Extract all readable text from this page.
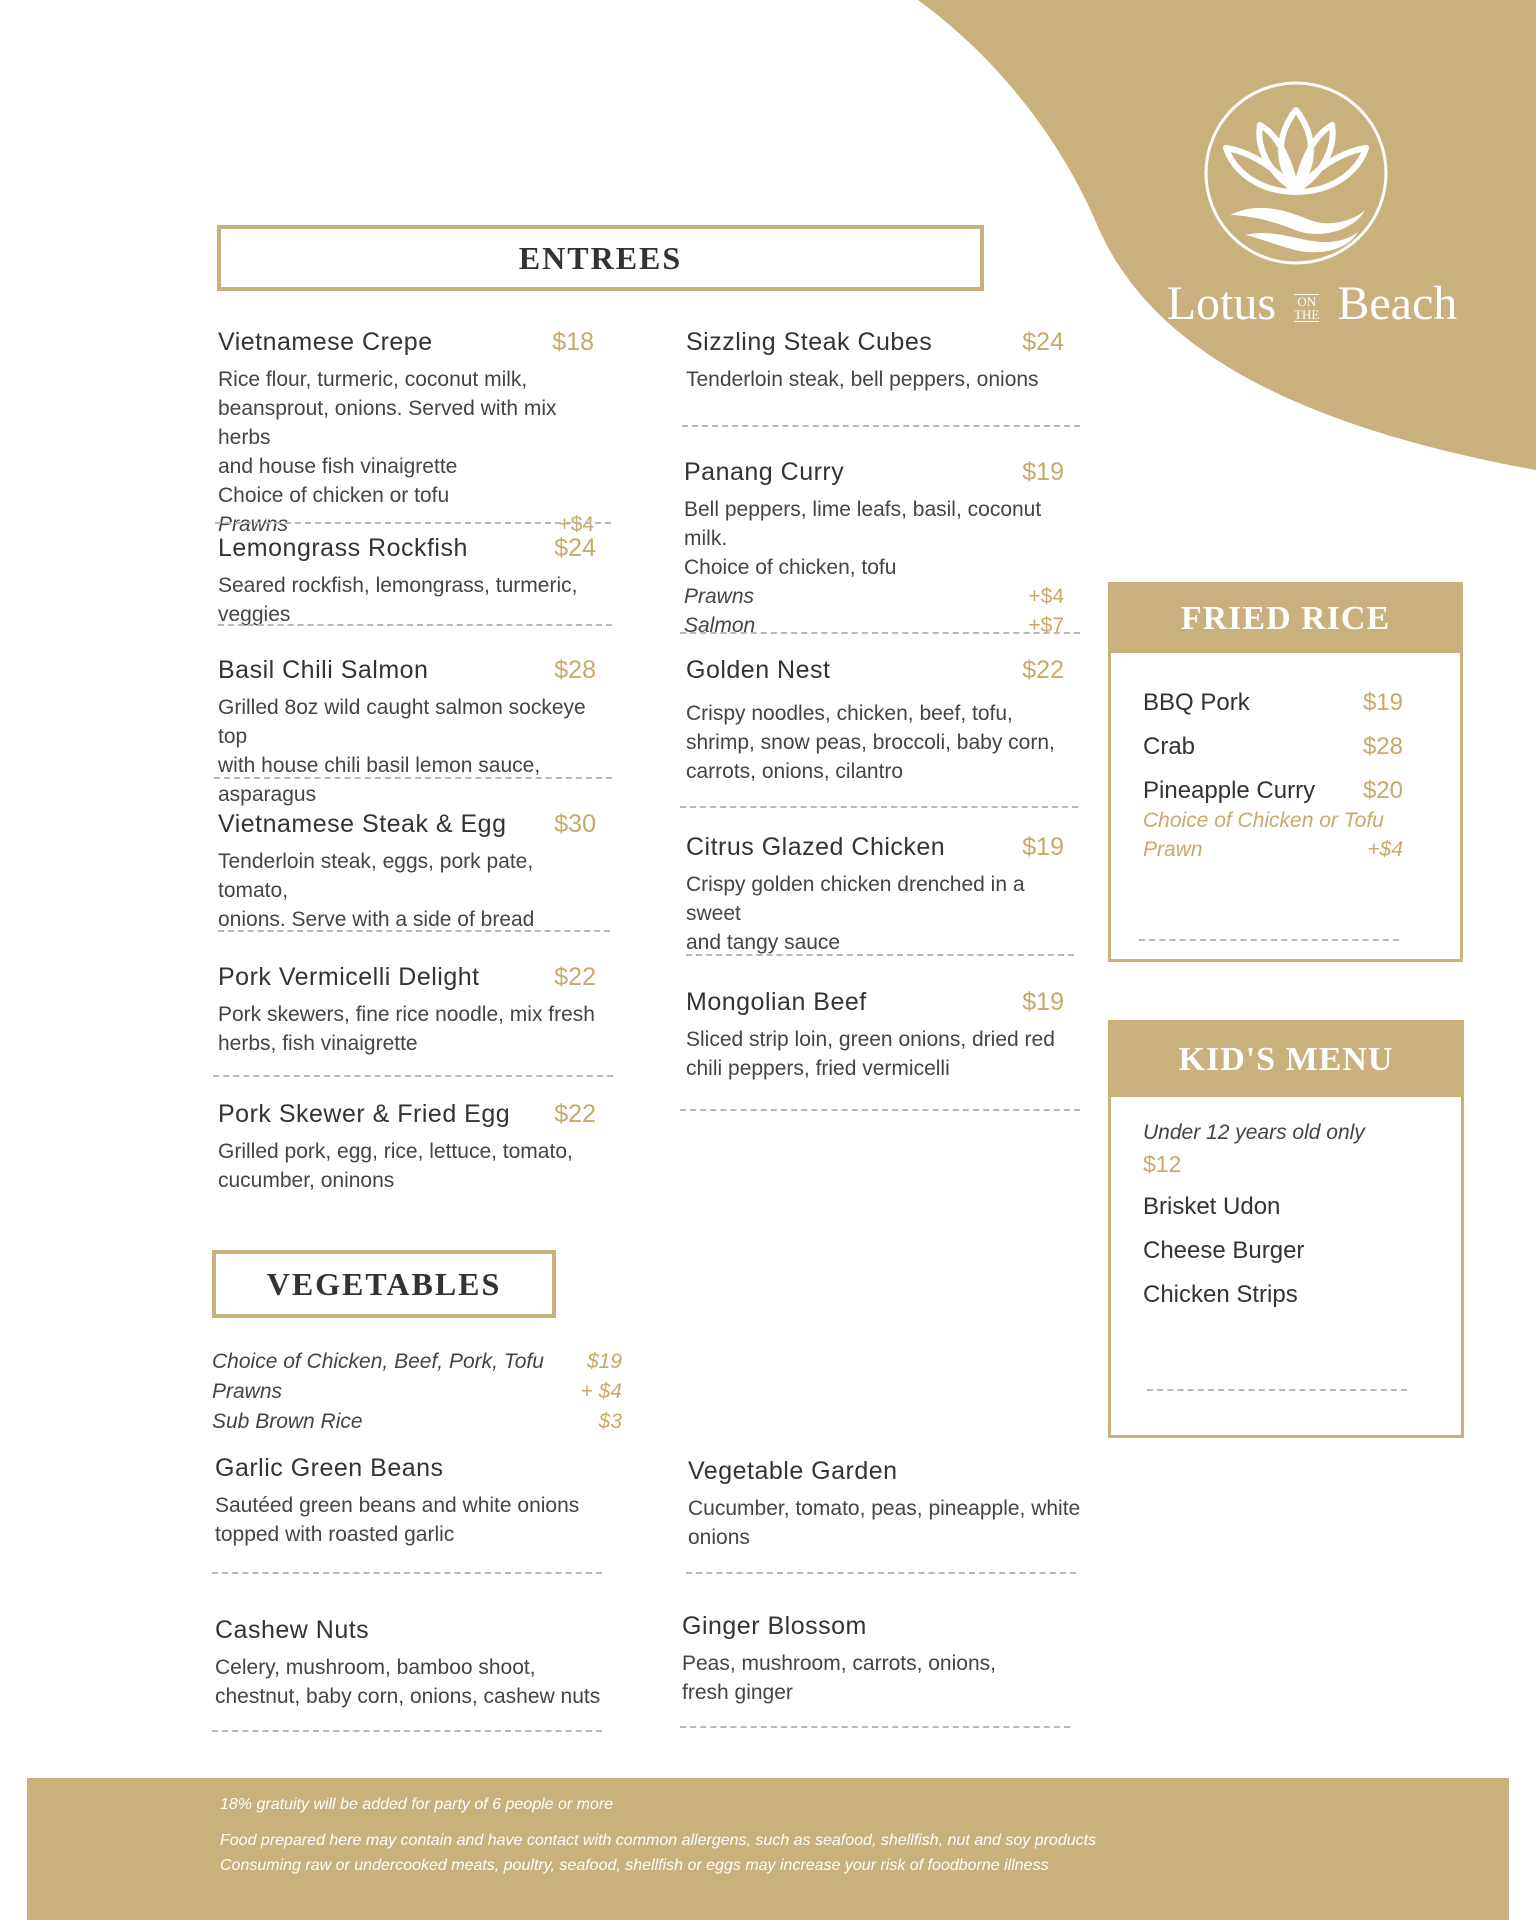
Lotus ON
THE Beach
ENTREES
Vietnamese Crepe	$18
Rice flour, turmeric, coconut milk,
beansprout, onions. Served with mix herbs
and house fish vinaigrette
Choice of chicken or tofu
Prawns	+$4
Lemongrass Rockfish	$24
Seared rockfish, lemongrass, turmeric, veggies
Basil Chili Salmon	$28
Grilled 8oz wild caught salmon sockeye top
with house chili basil lemon sauce, asparagus
Vietnamese Steak & Egg $30
Tenderloin steak, eggs, pork pate, tomato,
onions. Serve with a side of bread
Pork Vermicelli Delight	$22
Pork skewers, fine rice noodle, mix fresh
herbs, fish vinaigrette
Pork Skewer & Fried Egg $22
Grilled pork, egg, rice, lettuce, tomato,
cucumber, oninons
Sizzling Steak Cubes	$24
Tenderloin steak, bell peppers, onions
Panang Curry	$19
Bell peppers, lime leafs, basil, coconut milk.
Choice of chicken, tofu
Prawns	+$4
Salmon	+$7
Golden Nest	$22
Crispy noodles, chicken, beef, tofu,
shrimp, snow peas, broccoli, baby corn,
carrots, onions, cilantro
Citrus Glazed Chicken	$19
Crispy golden chicken drenched in a sweet
and tangy sauce
Mongolian Beef	$19
Sliced strip loin, green onions, dried red
chili peppers, fried vermicelli
FRIED RICE
BBQ Pork	$19
Crab	$28
Pineapple Curry $20
Choice of Chicken or Tofu
Prawn	+$4
KID'S MENU
Under 12 years old only
$12
Brisket Udon
Cheese Burger
Chicken Strips
VEGETABLES
Choice of Chicken, Beef, Pork, Tofu $19
Prawns	+ $4
Sub Brown Rice	$3
Garlic Green Beans
Sautéed green beans and white onions
topped with roasted garlic
Vegetable Garden
Cucumber, tomato, peas, pineapple, white
onions
Cashew Nuts
Celery, mushroom, bamboo shoot,
chestnut, baby corn, onions, cashew nuts
Ginger Blossom
Peas, mushroom, carrots, onions,
fresh ginger
18% gratuity will be added for party of 6 people or more
Food prepared here may contain and have contact with common allergens, such as seafood, shellfish, nut and soy products
Consuming raw or undercooked meats, poultry, seafood, shellfish or eggs may increase your risk of foodborne illness
